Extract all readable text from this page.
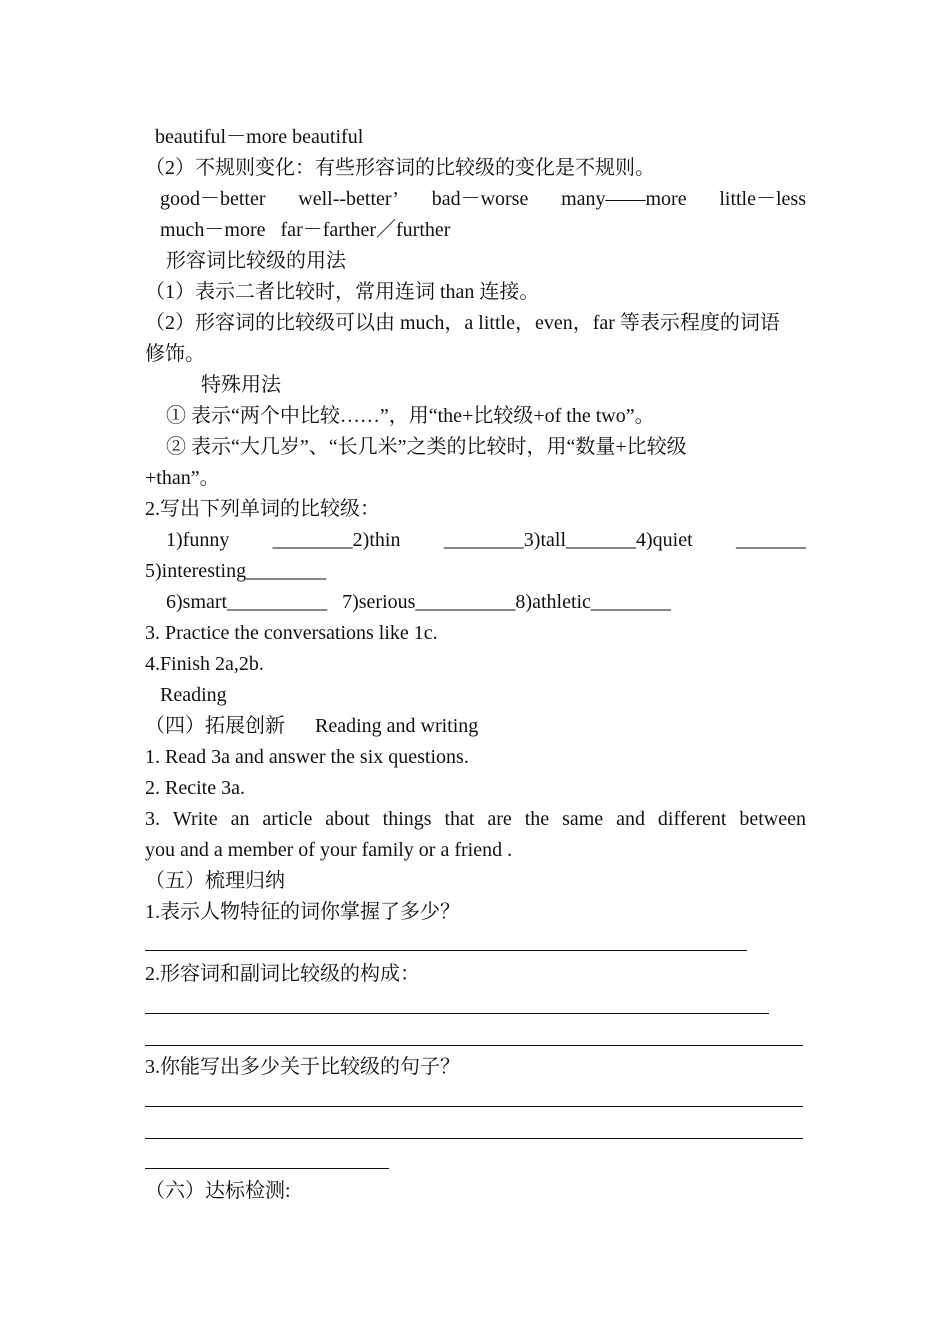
beautiful－more beautiful
（2）不规则变化：有些形容词的比较级的变化是不规则。
good－better well--better’ bad－worse many——more little－less
much－more   far－farther／further
形容词比较级的用法
（1）表示二者比较时，常用连词 than 连接。
（2）形容词的比较级可以由 much，a little，even，far 等表示程度的词语
修饰。
特殊用法
① 表示“两个中比较……”，用“the+比较级+of the two”。
② 表示“大几岁”、“长几米”之类的比较时，用“数量+比较级
+than”。
2.写出下列单词的比较级：
1)funny ________2)thin ________3)tall_______4)quiet _______
5)interesting________
6)smart__________   7)serious__________8)athletic________
3. Practice the conversations like 1c.
4.Finish 2a,2b.
Reading
（四）拓展创新      Reading and writing
1. Read 3a and answer the six questions.
2. Recite 3a.
3. Write an article about things that are the same and different between
you and a member of your family or a friend .
（五）梳理归纳
1.表示人物特征的词你掌握了多少？
2.形容词和副词比较级的构成：
3.你能写出多少关于比较级的句子？
（六）达标检测:
